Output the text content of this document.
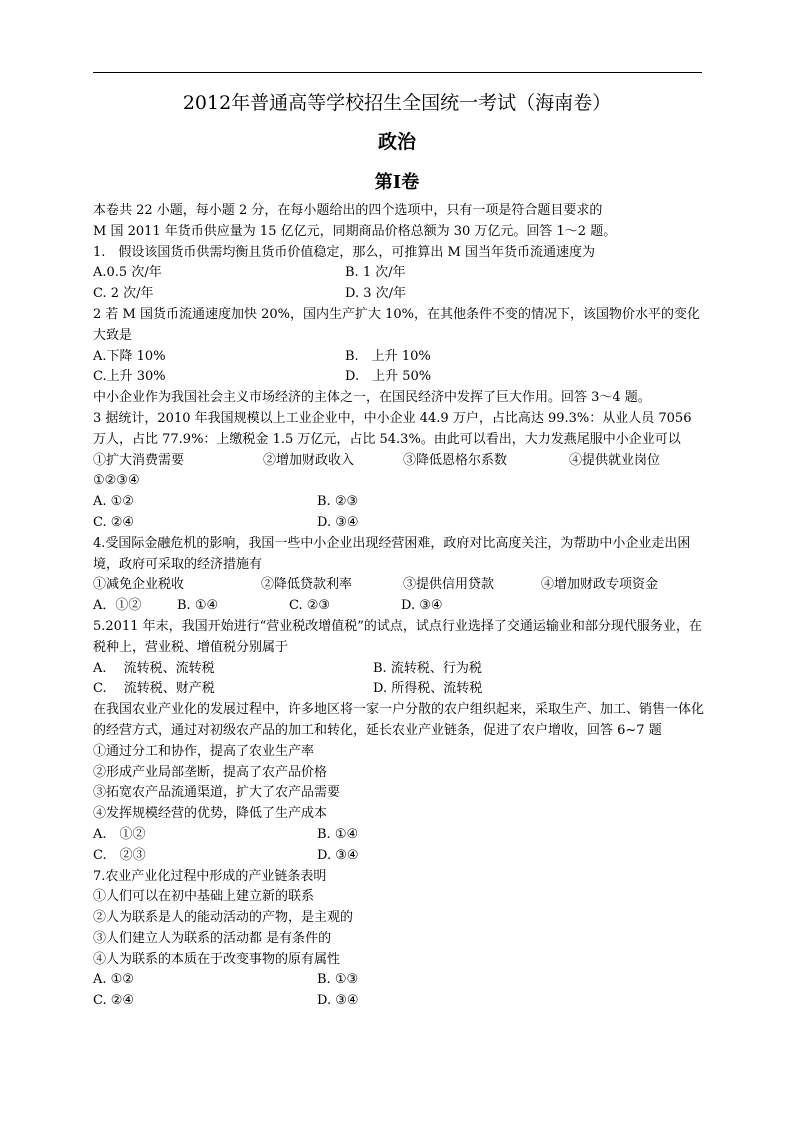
2012年普通高等学校招生全国统一考试（海南卷）
政治
第Ⅰ卷
本卷共 22 小题，每小题 2 分，在每小题给出的四个选项中，只有一项是符合题目要求的
M 国 2011 年货币供应量为 15 亿亿元，同期商品价格总额为 30 万亿元。回答 1～2 题。
1.　假设该国货币供需均衡且货币价值稳定，那么，可推算出 M 国当年货币流通速度为
A.0.5 次/年	B. 1 次/年
C. 2 次/年	D. 3 次/年
2 若 M 国货币流通速度加快 20%，国内生产扩大 10%，在其他条件不变的情况下，该国物价水平的变化大致是
A.下降 10%	B.　上升 10%
C.上升 30%	D.　上升 50%
中小企业作为我国社会主义市场经济的主体之一，在国民经济中发挥了巨大作用。回答 3～4 题。
3 据统计，2010 年我国规模以上工业企业中，中小企业 44.9 万户，占比高达 99.3%：从业人员 7056 万人，占比 77.9%：上缴税金 1.5 万亿元，占比 54.3%。由此可以看出，大力发燕尾服中小企业可以
①扩大消费需要	②增加财政收入	③降低恩格尔系数	④提供就业岗位
①②③④
A. ①②	B. ②③
C. ②④	D. ③④
4.受国际金融危机的影响，我国一些中小企业出现经营困难，政府对比高度关注，为帮助中小企业走出困境，政府可采取的经济措施有
①减免企业税收	②降低贷款利率	③提供信用贷款	④增加财政专项资金
A．①②	B. ①④	C. ②③	D. ③④
5.2011 年末，我国开始进行“营业税改增值税”的试点，试点行业选择了交通运输业和部分现代服务业，在税种上，营业税、增值税分别属于
A.　 流转税、流转税	B. 流转税、行为税
C.　 流转税、财产税	D. 所得税、流转税
在我国农业产业化的发展过程中，许多地区将一家一户分散的农户组织起来，采取生产、加工、销售一体化的经营方式，通过对初级农产品的加工和转化，延长农业产业链条，促进了农户增收，回答 6~7 题
①通过分工和协作，提高了农业生产率
②形成产业局部垄断，提高了农产品价格
③拓宽农产品流通渠道，扩大了农产品需要
④发挥规模经营的优势，降低了生产成本
A.　①②	B. ①④
C.　②③	D. ③④
7.农业产业化过程中形成的产业链条表明
①人们可以在初中基础上建立新的联系
②人为联系是人的能动活动的产物，是主观的
③人们建立人为联系的活动都 是有条件的
④人为联系的本质在于改变事物的原有属性
A. ①②	B. ①③
C. ②④	D. ③④
